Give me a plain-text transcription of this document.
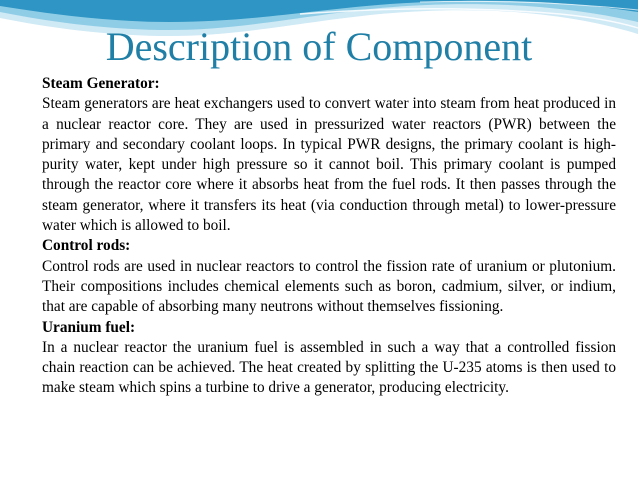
Description of Component

Steam Generator:

Steam generators are heat exchangers used to convert water into steam from heat produced in a nuclear reactor core. They are used in pressurized water reactors (PWR) between the primary and secondary coolant loops. In typical PWR designs, the primary coolant is high-purity water, kept under high pressure so it cannot boil. This primary coolant is pumped through the reactor core where it absorbs heat from the fuel rods. It then passes through the steam generator, where it transfers its heat (via conduction through metal) to lower-pressure water which is allowed to boil.

Control rods:

Control rods are used in nuclear reactors to control the fission rate of uranium or plutonium. Their compositions includes chemical elements such as boron, cadmium, silver, or indium, that are capable of absorbing many neutrons without themselves fissioning.

Uranium fuel:

In a nuclear reactor the uranium fuel is assembled in such a way that a controlled fission chain reaction can be achieved. The heat created by splitting the U-235 atoms is then used to make steam which spins a turbine to drive a generator, producing electricity.
